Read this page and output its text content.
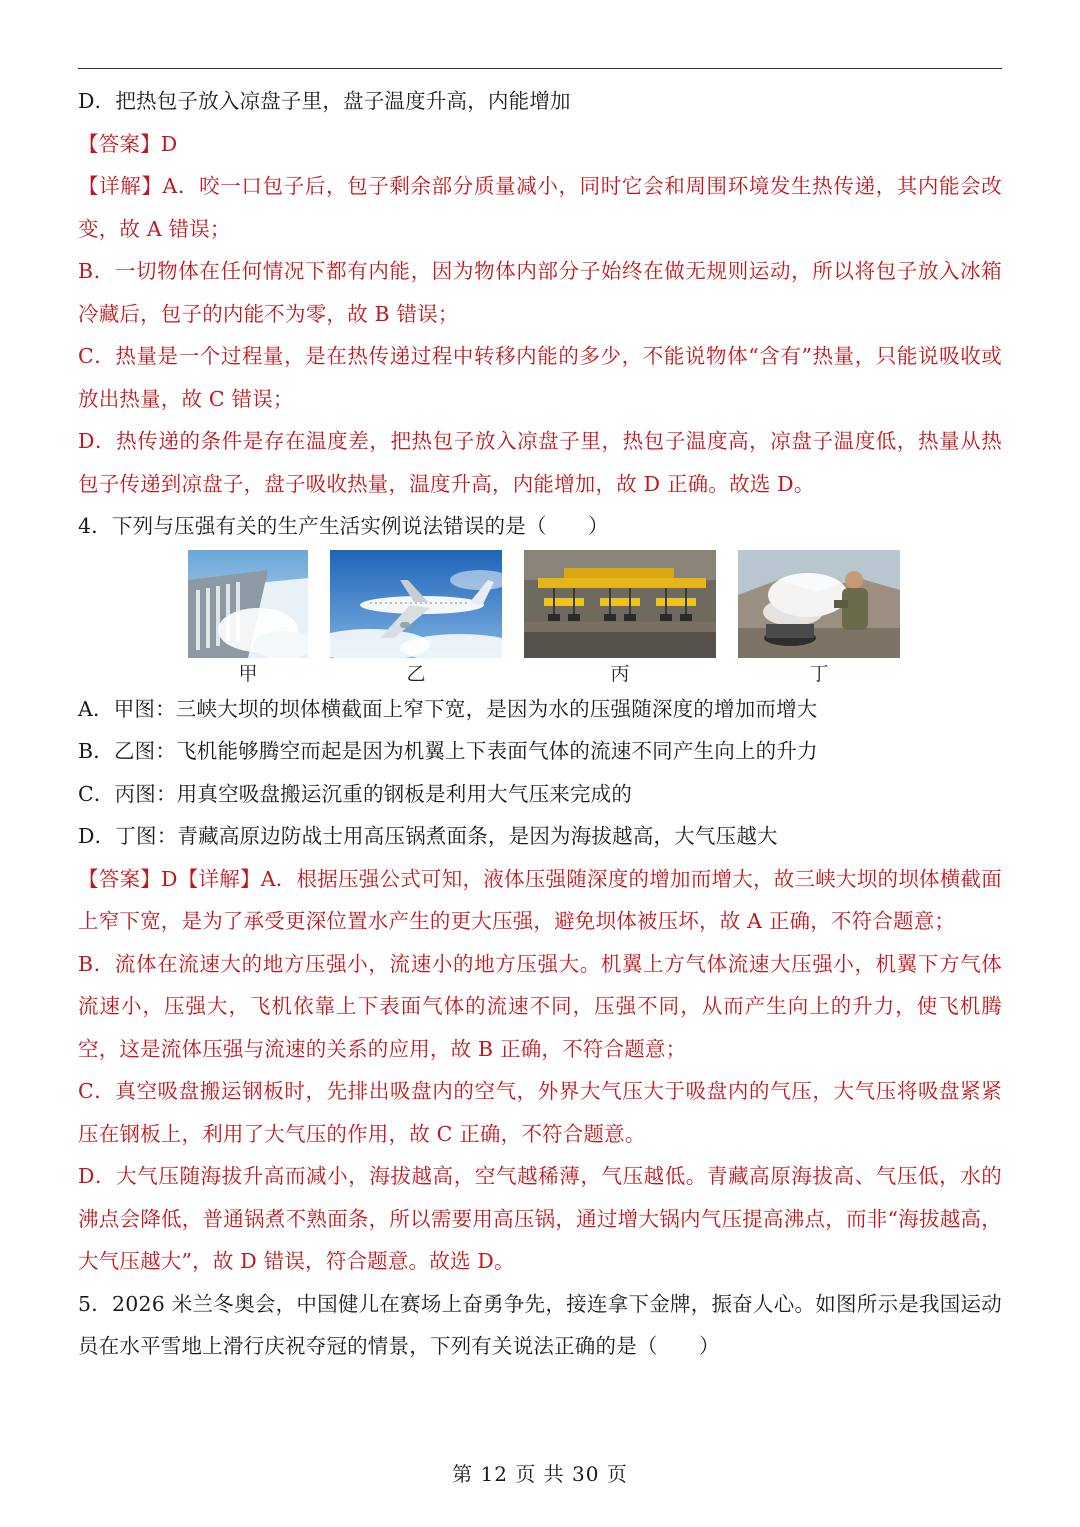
D．把热包子放入凉盘子里，盘子温度升高，内能增加

【答案】D

【详解】A．咬一口包子后，包子剩余部分质量减小，同时它会和周围环境发生热传递，其内能会改变，故 A 错误；

B．一切物体在任何情况下都有内能，因为物体内部分子始终在做无规则运动，所以将包子放入冰箱冷藏后，包子的内能不为零，故 B 错误；

C．热量是一个过程量，是在热传递过程中转移内能的多少，不能说物体“含有”热量，只能说吸收或放出热量，故 C 错误；

D．热传递的条件是存在温度差，把热包子放入凉盘子里，热包子温度高，凉盘子温度低，热量从热包子传递到凉盘子，盘子吸收热量，温度升高，内能增加，故 D 正确。故选 D。

4．下列与压强有关的生产生活实例说法错误的是（　　）

甲	乙	丙	丁

A．甲图：三峡大坝的坝体横截面上窄下宽，是因为水的压强随深度的增加而增大

B．乙图：飞机能够腾空而起是因为机翼上下表面气体的流速不同产生向上的升力

C．丙图：用真空吸盘搬运沉重的钢板是利用大气压来完成的

D．丁图：青藏高原边防战士用高压锅煮面条，是因为海拔越高，大气压越大

【答案】D【详解】A．根据压强公式可知，液体压强随深度的增加而增大，故三峡大坝的坝体横截面上窄下宽，是为了承受更深位置水产生的更大压强，避免坝体被压坏，故 A 正确，不符合题意；

B．流体在流速大的地方压强小，流速小的地方压强大。机翼上方气体流速大压强小，机翼下方气体流速小，压强大，飞机依靠上下表面气体的流速不同，压强不同，从而产生向上的升力，使飞机腾空，这是流体压强与流速的关系的应用，故 B 正确，不符合题意；

C．真空吸盘搬运钢板时，先排出吸盘内的空气，外界大气压大于吸盘内的气压，大气压将吸盘紧紧压在钢板上，利用了大气压的作用，故 C 正确，不符合题意。

D．大气压随海拔升高而减小，海拔越高，空气越稀薄，气压越低。青藏高原海拔高、气压低，水的沸点会降低，普通锅煮不熟面条，所以需要用高压锅，通过增大锅内气压提高沸点，而非“海拔越高，大气压越大”，故 D 错误，符合题意。故选 D。

5．2026 米兰冬奥会，中国健儿在赛场上奋勇争先，接连拿下金牌，振奋人心。如图所示是我国运动员在水平雪地上滑行庆祝夺冠的情景，下列有关说法正确的是（　　）

第 12 页 共 30 页
